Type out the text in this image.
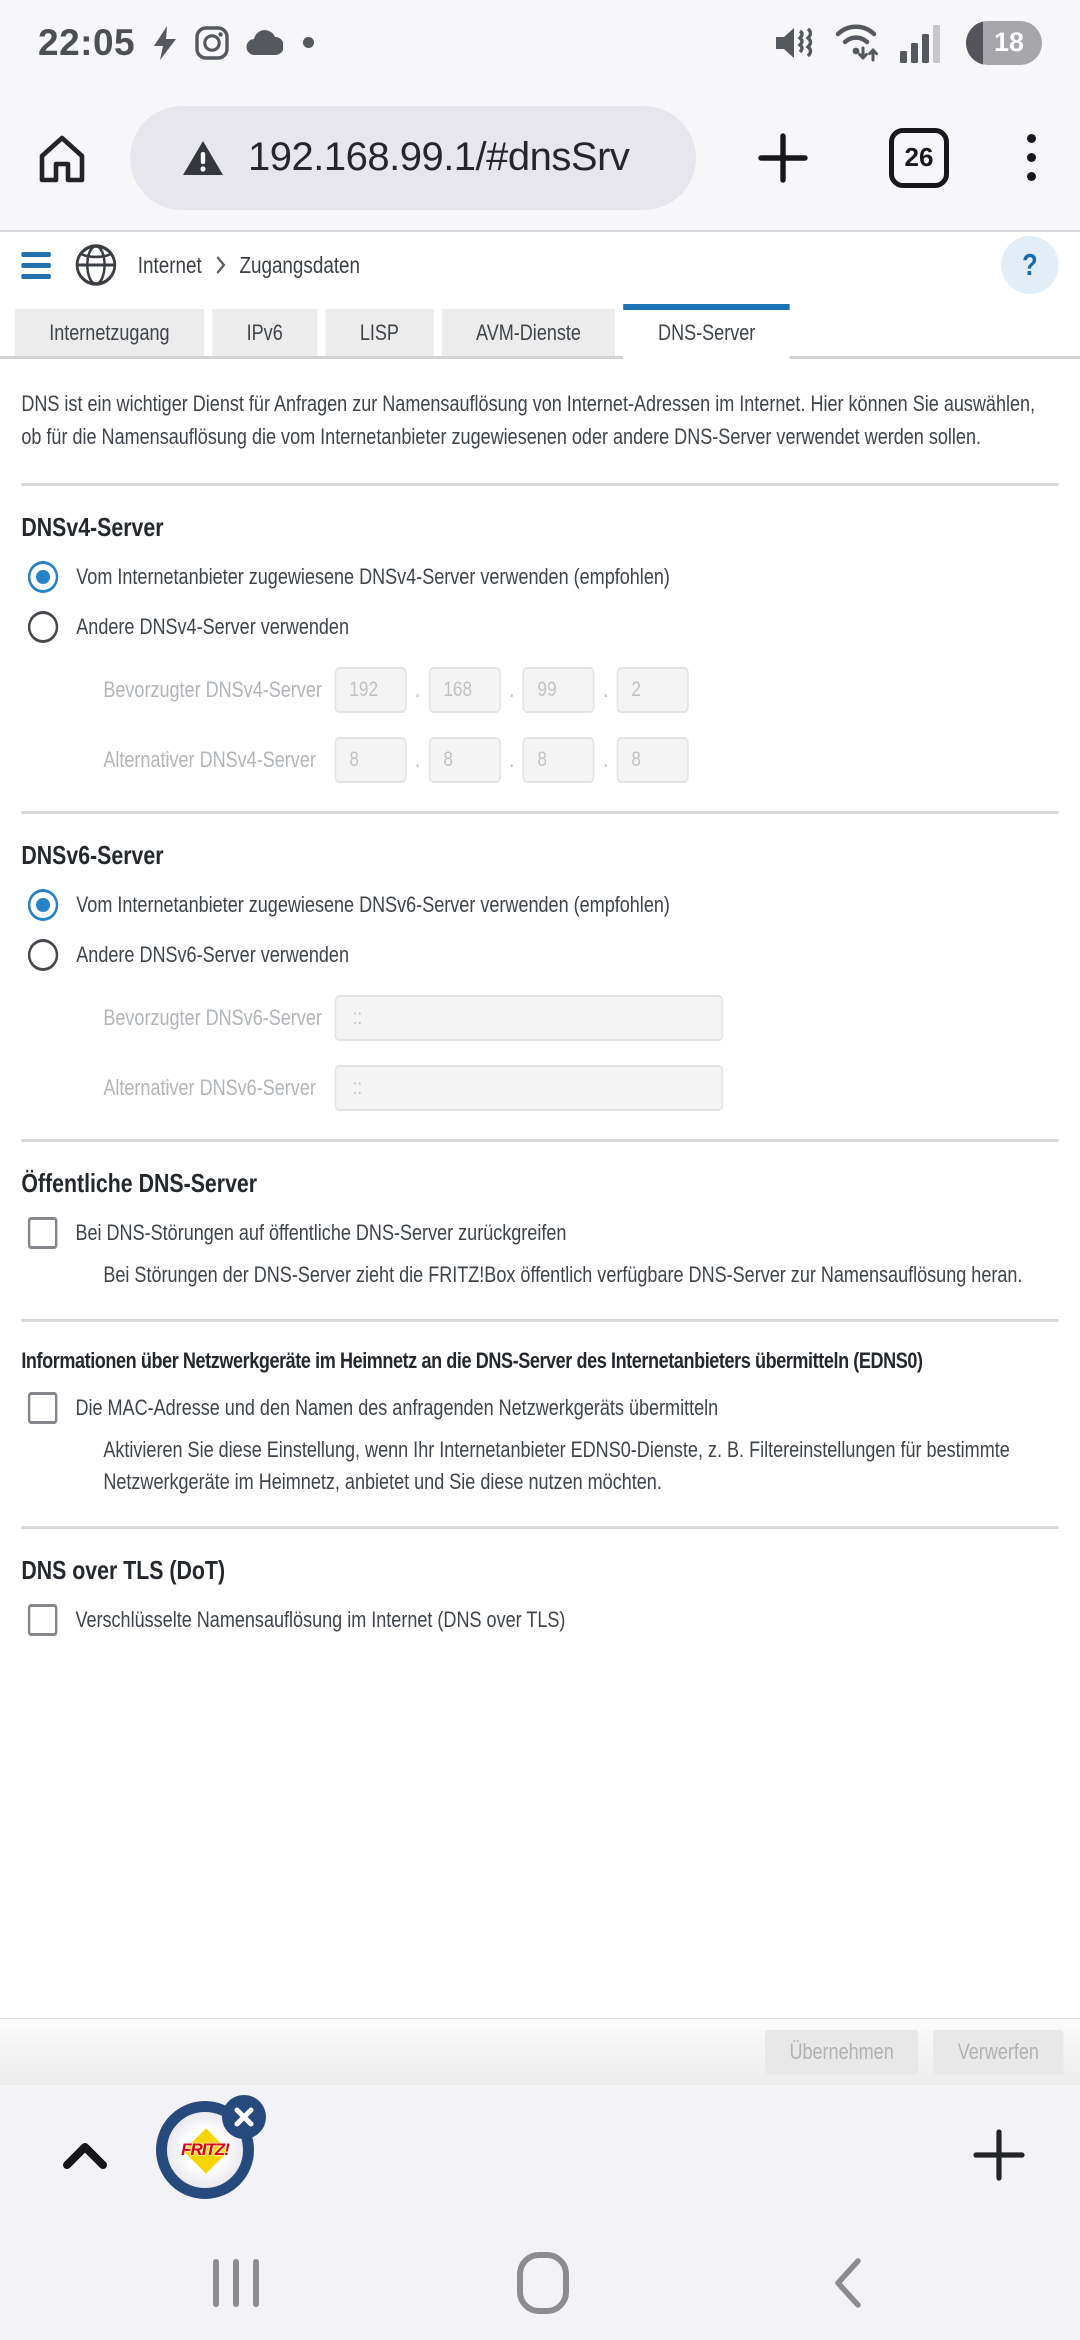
22:05	18
192.168.99.1/#dnsSrv	26
Internet Zugangsdaten	?
Internetzugang	IPv6	LISP	AVM-Dienste	DNS-Server

DNS ist ein wichtiger Dienst für Anfragen zur Namensauflösung von Internet-Adressen im Internet. Hier können Sie auswählen, ob für die Namensauflösung die vom Internetanbieter zugewiesenen oder andere DNS-Server verwendet werden sollen.

DNSv4-Server
Vom Internetanbieter zugewiesene DNSv4-Server verwenden (empfohlen)
Andere DNSv4-Server verwenden
Bevorzugter DNSv4-Server
192	.
168	.
99	.
2
Alternativer DNSv4-Server
8	.
8	.
8	.
8
DNSv6-Server
Vom Internetanbieter zugewiesene DNSv6-Server verwenden (empfohlen)
Andere DNSv6-Server verwenden
Bevorzugter DNSv6-Server
::
Alternativer DNSv6-Server
::
Öffentliche DNS-Server
Bei DNS-Störungen auf öffentliche DNS-Server zurückgreifen
Bei Störungen der DNS-Server zieht die FRITZ!Box öffentlich verfügbare DNS-Server zur Namensauflösung heran.
Informationen über Netzwerkgeräte im Heimnetz an die DNS-Server des Internetanbieters übermitteln (EDNS0)
Die MAC-Adresse und den Namen des anfragenden Netzwerkgeräts übermitteln
Aktivieren Sie diese Einstellung, wenn Ihr Internetanbieter EDNS0-Dienste, z. B. Filtereinstellungen für bestimmte Netzwerkgeräte im Heimnetz, anbietet und Sie diese nutzen möchten.
DNS over TLS (DoT)
Verschlüsselte Namensauflösung im Internet (DNS over TLS)
Übernehmen	Verwerfen
FRITZ!
